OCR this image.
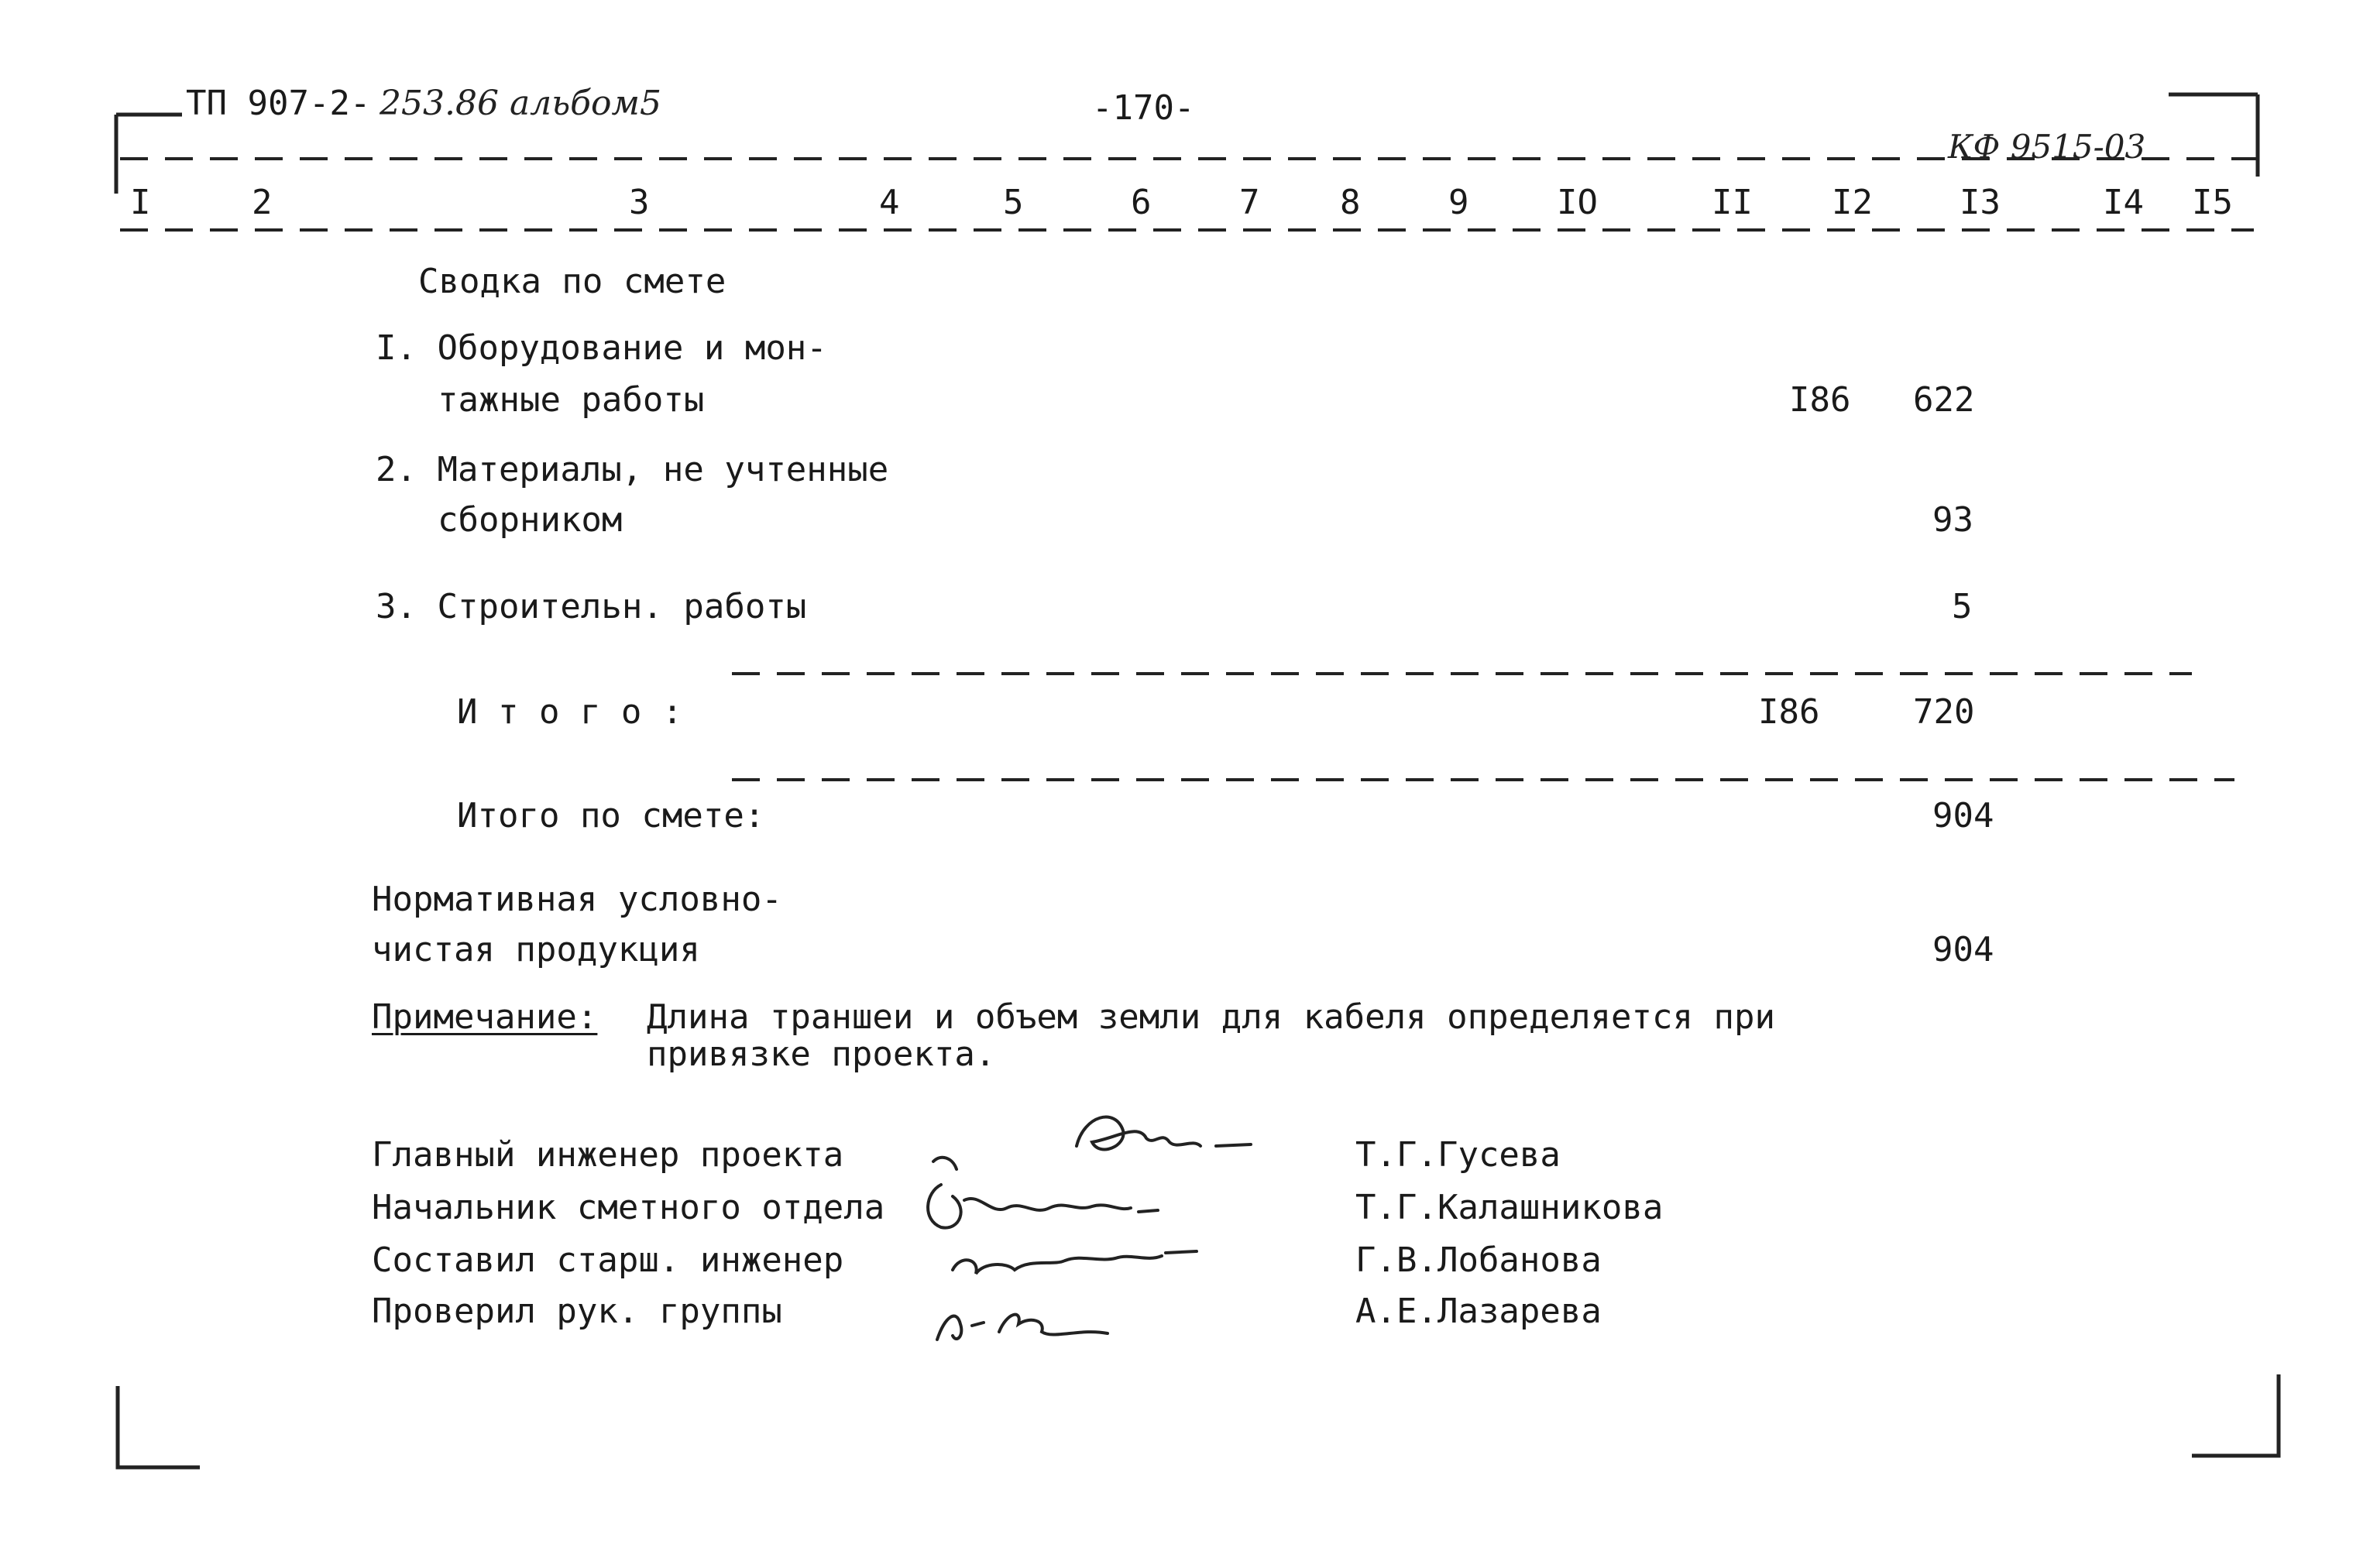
ТП 907-2- 253.86 альбом5	-170-
КФ 9515-03
I	2	3	4	5	6	7 8	9	IO	II I2	I3	I4 I5
Сводка по смете
I. Оборудование и мон-
тажные работы	I86 622
2. Материалы, не учтенные
сборником	93
3. Строительн. работы	5
И т о г о :	I86	720
Итого по смете:	904
Нормативная условно-
чистая продукция	904
Примечание: Длина траншеи и объем земли для кабеля определяется при
привязке проекта.
Главный инженер проекта	Т.Г.Гусева
Начальник сметного отдела	Т.Г.Калашникова
Составил старш. инженер	Г.В.Лобанова
Проверил рук. группы	А.Е.Лазарева
